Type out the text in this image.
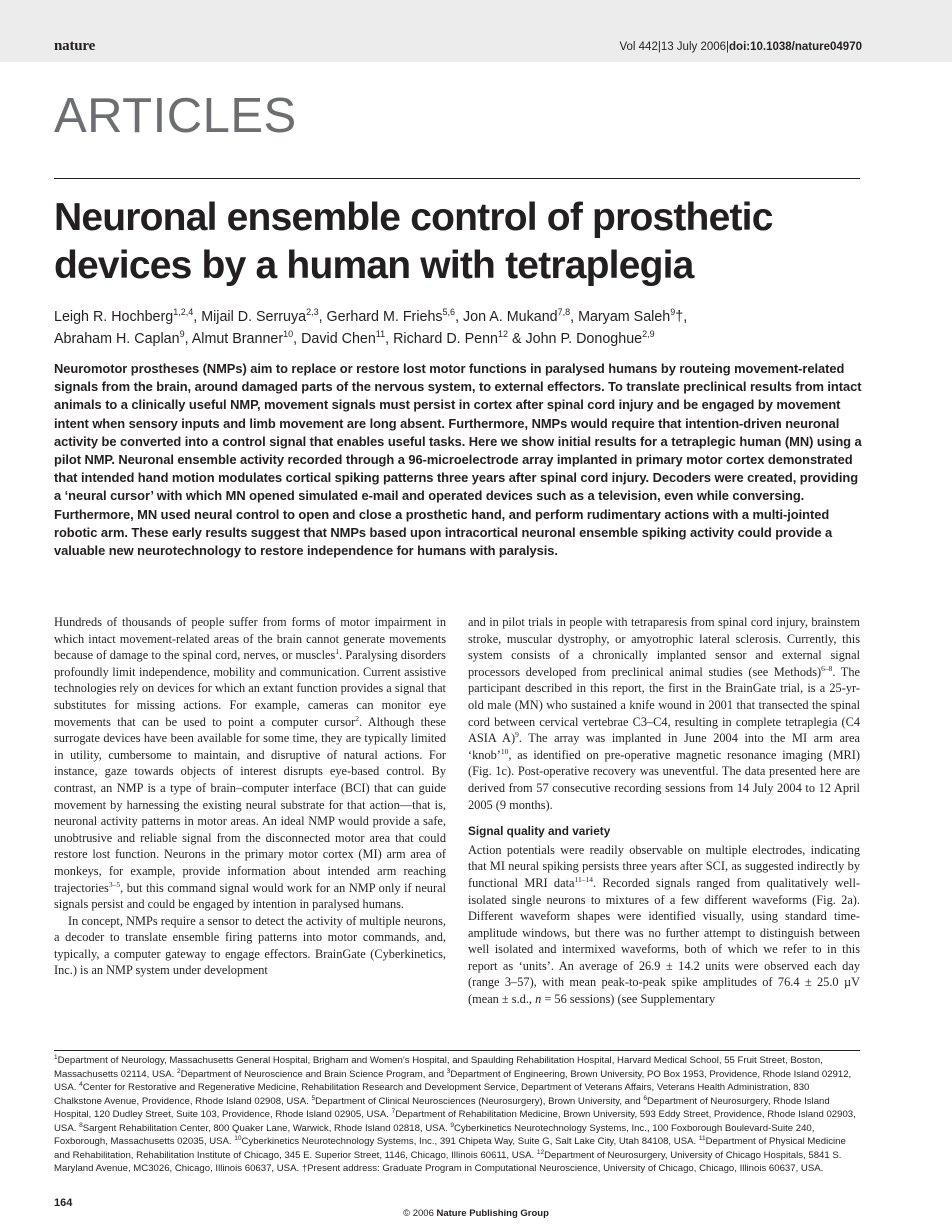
nature	Vol 442|13 July 2006|doi:10.1038/nature04970
ARTICLES
Neuronal ensemble control of prosthetic devices by a human with tetraplegia
Leigh R. Hochberg$^{1,2,4}$, Mijail D. Serruya$^{2,3}$, Gerhard M. Friehs$^{5,6}$, Jon A. Mukand$^{7,8}$, Maryam Saleh$^9$†,
Abraham H. Caplan$^9$, Almut Branner$^{10}$, David Chen$^{11}$, Richard D. Penn$^{12}$ & John P. Donoghue$^{2,9}$
Neuromotor prostheses (NMPs) aim to replace or restore lost motor functions in paralysed humans by routeing movement-related signals from the brain, around damaged parts of the nervous system, to external effectors. To translate preclinical results from intact animals to a clinically useful NMP, movement signals must persist in cortex after spinal cord injury and be engaged by movement intent when sensory inputs and limb movement are long absent. Furthermore, NMPs would require that intention-driven neuronal activity be converted into a control signal that enables useful tasks. Here we show initial results for a tetraplegic human (MN) using a pilot NMP. Neuronal ensemble activity recorded through a 96-microelectrode array implanted in primary motor cortex demonstrated that intended hand motion modulates cortical spiking patterns three years after spinal cord injury. Decoders were created, providing a ‘neural cursor’ with which MN opened simulated e-mail and operated devices such as a television, even while conversing. Furthermore, MN used neural control to open and close a prosthetic hand, and perform rudimentary actions with a multi-jointed robotic arm. These early results suggest that NMPs based upon intracortical neuronal ensemble spiking activity could provide a valuable new neurotechnology to restore independence for humans with paralysis.

Hundreds of thousands of people suffer from forms of motor impairment in which intact movement-related areas of the brain cannot generate movements because of damage to the spinal cord, nerves, or muscles$^1$. Paralysing disorders profoundly limit independence, mobility and communication. Current assistive technologies rely on devices for which an extant function provides a signal that substitutes for missing actions. For example, cameras can monitor eye movements that can be used to point a computer cursor$^2$. Although these surrogate devices have been available for some time, they are typically limited in utility, cumbersome to maintain, and disruptive of natural actions. For instance, gaze towards objects of interest disrupts eye-based control. By contrast, an NMP is a type of brain–computer interface (BCI) that can guide movement by harnessing the existing neural substrate for that action—that is, neuronal activity patterns in motor areas. An ideal NMP would provide a safe, unobtrusive and reliable signal from the disconnected motor area that could restore lost function. Neurons in the primary motor cortex (MI) arm area of monkeys, for example, provide information about intended arm reaching trajectories$^{3-5}$, but this command signal would work for an NMP only if neural signals persist and could be engaged by intention in paralysed humans.

In concept, NMPs require a sensor to detect the activity of multiple neurons, a decoder to translate ensemble firing patterns into motor commands, and, typically, a computer gateway to engage effectors. BrainGate (Cyberkinetics, Inc.) is an NMP system under development

and in pilot trials in people with tetraparesis from spinal cord injury, brainstem stroke, muscular dystrophy, or amyotrophic lateral sclerosis. Currently, this system consists of a chronically implanted sensor and external signal processors developed from preclinical animal studies (see Methods)$^{6-8}$. The participant described in this report, the first in the BrainGate trial, is a 25-yr-old male (MN) who sustained a knife wound in 2001 that transected the spinal cord between cervical vertebrae C3–C4, resulting in complete tetraplegia (C4 ASIA A)$^9$. The array was implanted in June 2004 into the MI arm area ‘knob’$^{10}$, as identified on pre-operative magnetic resonance imaging (MRI) (Fig. 1c). Post-operative recovery was uneventful. The data presented here are derived from 57 consecutive recording sessions from 14 July 2004 to 12 April 2005 (9 months).

Signal quality and variety

Action potentials were readily observable on multiple electrodes, indicating that MI neural spiking persists three years after SCI, as suggested indirectly by functional MRI data$^{11-14}$. Recorded signals ranged from qualitatively well-isolated single neurons to mixtures of a few different waveforms (Fig. 2a). Different waveform shapes were identified visually, using standard time-amplitude windows, but there was no further attempt to distinguish between well isolated and intermixed waveforms, both of which we refer to in this report as ‘units’. An average of 26.9 ± 14.2 units were observed each day (range 3–57), with mean peak-to-peak spike amplitudes of 76.4 ± 25.0 µV (mean ± s.d., n = 56 sessions) (see Supplementary

$^1$Department of Neurology, Massachusetts General Hospital, Brigham and Women’s Hospital, and Spaulding Rehabilitation Hospital, Harvard Medical School, 55 Fruit Street, Boston, Massachusetts 02114, USA. $^2$Department of Neuroscience and Brain Science Program, and $^3$Department of Engineering, Brown University, PO Box 1953, Providence, Rhode Island 02912, USA. $^4$Center for Restorative and Regenerative Medicine, Rehabilitation Research and Development Service, Department of Veterans Affairs, Veterans Health Administration, 830 Chalkstone Avenue, Providence, Rhode Island 02908, USA. $^5$Department of Clinical Neurosciences (Neurosurgery), Brown University, and $^6$Department of Neurosurgery, Rhode Island Hospital, 120 Dudley Street, Suite 103, Providence, Rhode Island 02905, USA. $^7$Department of Rehabilitation Medicine, Brown University, 593 Eddy Street, Providence, Rhode Island 02903, USA. $^8$Sargent Rehabilitation Center, 800 Quaker Lane, Warwick, Rhode Island 02818, USA. $^9$Cyberkinetics Neurotechnology Systems, Inc., 100 Foxborough Boulevard-Suite 240, Foxborough, Massachusetts 02035, USA. $^{10}$Cyberkinetics Neurotechnology Systems, Inc., 391 Chipeta Way, Suite G, Salt Lake City, Utah 84108, USA. $^{11}$Department of Physical Medicine and Rehabilitation, Rehabilitation Institute of Chicago, 345 E. Superior Street, 1146, Chicago, Illinois 60611, USA. $^{12}$Department of Neurosurgery, University of Chicago Hospitals, 5841 S. Maryland Avenue, MC3026, Chicago, Illinois 60637, USA. †Present address: Graduate Program in Computational Neuroscience, University of Chicago, Chicago, Illinois 60637, USA.
164
© 2006 Nature Publishing Group
